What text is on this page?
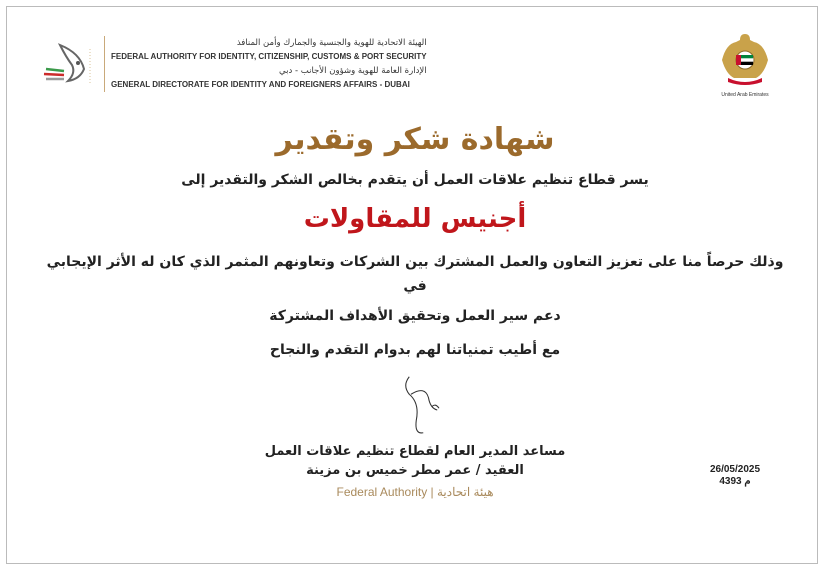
الهيئة الاتحادية للهوية والجنسية والجمارك وأمن المنافذ
FEDERAL AUTHORITY FOR IDENTITY, CITIZENSHIP, CUSTOMS & PORT SECURITY
الإدارة العامة للهوية وشؤون الأجانب - دبي
GENERAL DIRECTORATE FOR IDENTITY AND FOREIGNERS AFFAIRS - DUBAI
United Arab Emirates
شهادة شكر وتقدير
يسر قطاع تنظيم علاقات العمل أن يتقدم بخالص الشكر والتقدير إلى
أجنيس للمقاولات
وذلك حرصاً منا على تعزيز التعاون والعمل المشترك بين الشركات وتعاونهم المثمر الذي كان له الأثر الإيجابي في
دعم سير العمل وتحقيق الأهداف المشتركة
مع أطيب تمنياتنا لهم بدوام التقدم والنجاح
مساعد المدير العام لقطاع تنظيم علاقات العمل
العقيد / عمر مطر خميس بن مزينة
Federal Authority | هيئة اتحادية
26/05/2025
4393 م
